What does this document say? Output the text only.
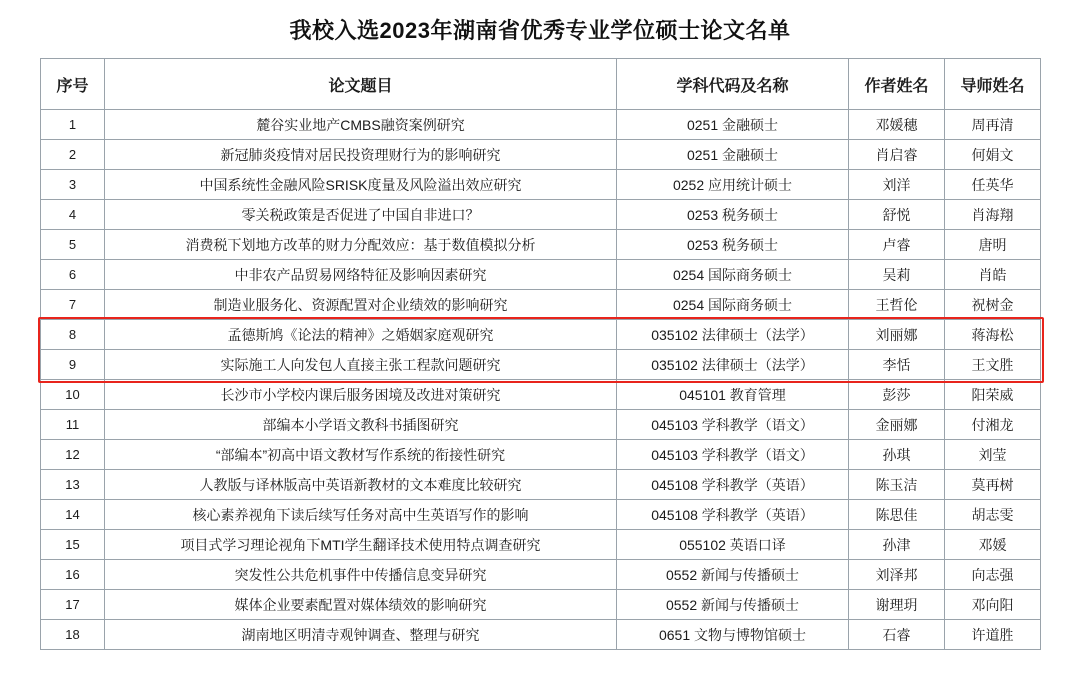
我校入选2023年湖南省优秀专业学位硕士论文名单
序号	论文题目	学科代码及名称	作者姓名	导师姓名
1	麓谷实业地产CMBS融资案例研究	0251 金融硕士	邓媛穗	周再清
2	新冠肺炎疫情对居民投资理财行为的影响研究	0251 金融硕士	肖启睿	何娟文
3	中国系统性金融风险SRISK度量及风险溢出效应研究	0252 应用统计硕士	刘洋	任英华
4	零关税政策是否促进了中国自非进口？	0253 税务硕士	舒悦	肖海翔
5	消费税下划地方改革的财力分配效应：基于数值模拟分析	0253 税务硕士	卢睿	唐明
6	中非农产品贸易网络特征及影响因素研究	0254 国际商务硕士	吴莉	肖皓
7	制造业服务化、资源配置对企业绩效的影响研究	0254 国际商务硕士	王哲伦	祝树金
8	孟德斯鸠《论法的精神》之婚姻家庭观研究	035102 法律硕士（法学）	刘丽娜	蒋海松
9	实际施工人向发包人直接主张工程款问题研究	035102 法律硕士（法学）	李恬	王文胜
10	长沙市小学校内课后服务困境及改进对策研究	045101 教育管理	彭莎	阳荣威
11	部编本小学语文教科书插图研究	045103 学科教学（语文）	金丽娜	付湘龙
12	“部编本”初高中语文教材写作系统的衔接性研究	045103 学科教学（语文）	孙琪	刘莹
13	人教版与译林版高中英语新教材的文本难度比较研究	045108 学科教学（英语）	陈玉洁	莫再树
14	核心素养视角下读后续写任务对高中生英语写作的影响	045108 学科教学（英语）	陈思佳	胡志雯
15	项目式学习理论视角下MTI学生翻译技术使用特点调查研究	055102 英语口译	孙津	邓媛
16	突发性公共危机事件中传播信息变异研究	0552 新闻与传播硕士	刘泽邦	向志强
17	媒体企业要素配置对媒体绩效的影响研究	0552 新闻与传播硕士	谢理玥	邓向阳
18	湖南地区明清寺观钟调查、整理与研究	0651 文物与博物馆硕士	石睿	许道胜
